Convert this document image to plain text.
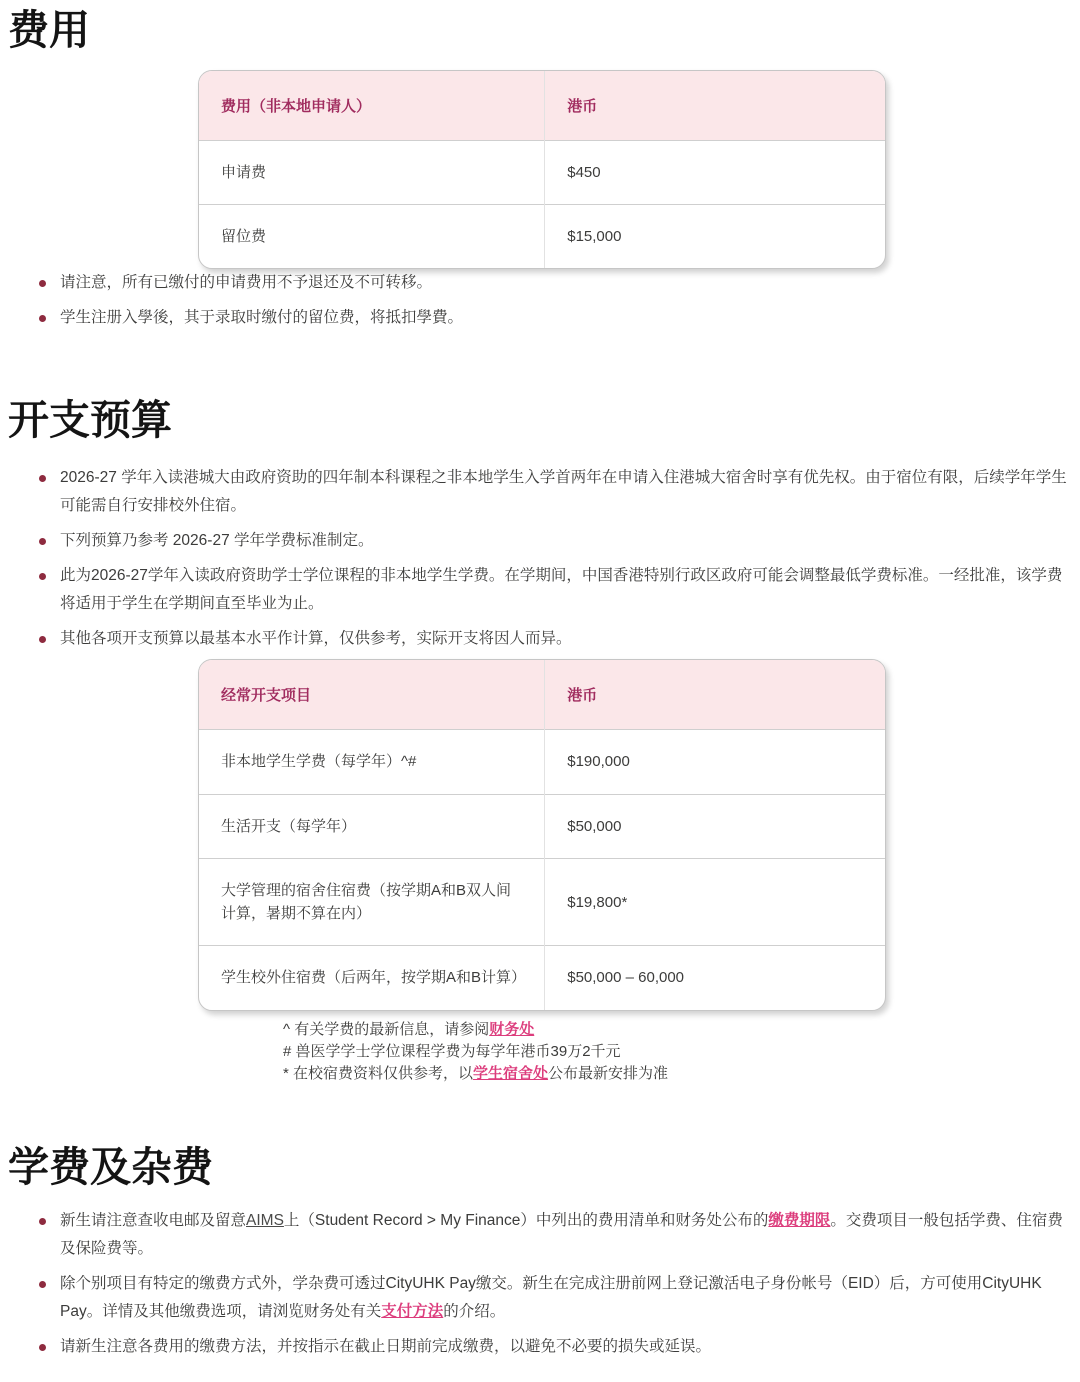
费用
费用（非本地申请人）	港币
申请费	$450
留位费	$15,000
请注意，所有已缴付的申请费用不予退还及不可转移。
学生注册入學後，其于录取时缴付的留位费，将抵扣學費。
开支预算
2026-27 学年入读港城大由政府资助的四年制本科课程之非本地学生入学首两年在申请入住港城大宿舍时享有优先权。由于宿位有限，后续学年学生可能需自行安排校外住宿。
下列预算乃参考 2026-27 学年学费标准制定。
此为2026-27学年入读政府资助学士学位课程的非本地学生学费。在学期间，中国香港特别行政区政府可能会调整最低学费标准。一经批准，该学费将适用于学生在学期间直至毕业为止。
其他各项开支预算以最基本水平作计算，仅供参考，实际开支将因人而异。
经常开支项目	港币
非本地学生学费（每学年）^#	$190,000
生活开支（每学年）	$50,000
大学管理的宿舍住宿费（按学期A和B双人间计算，暑期不算在内）	$19,800*
学生校外住宿费（后两年，按学期A和B计算）	$50,000 – 60,000
^ 有关学费的最新信息，请参阅财务处
# 兽医学学士学位课程学费为每学年港币39万2千元
* 在校宿费资料仅供参考，以学生宿舍处公布最新安排为准
学费及杂费
新生请注意查收电邮及留意AIMS上（Student Record > My Finance）中列出的费用清单和财务处公布的缴费期限。交费项目一般包括学费、住宿费及保险费等。
除个别项目有特定的缴费方式外，学杂费可透过CityUHK Pay缴交。新生在完成注册前网上登记激活电子身份帐号（EID）后，方可使用CityUHK Pay。详情及其他缴费选项，请浏览财务处有关支付方法的介绍。
请新生注意各费用的缴费方法，并按指示在截止日期前完成缴费，以避免不必要的损失或延误。
